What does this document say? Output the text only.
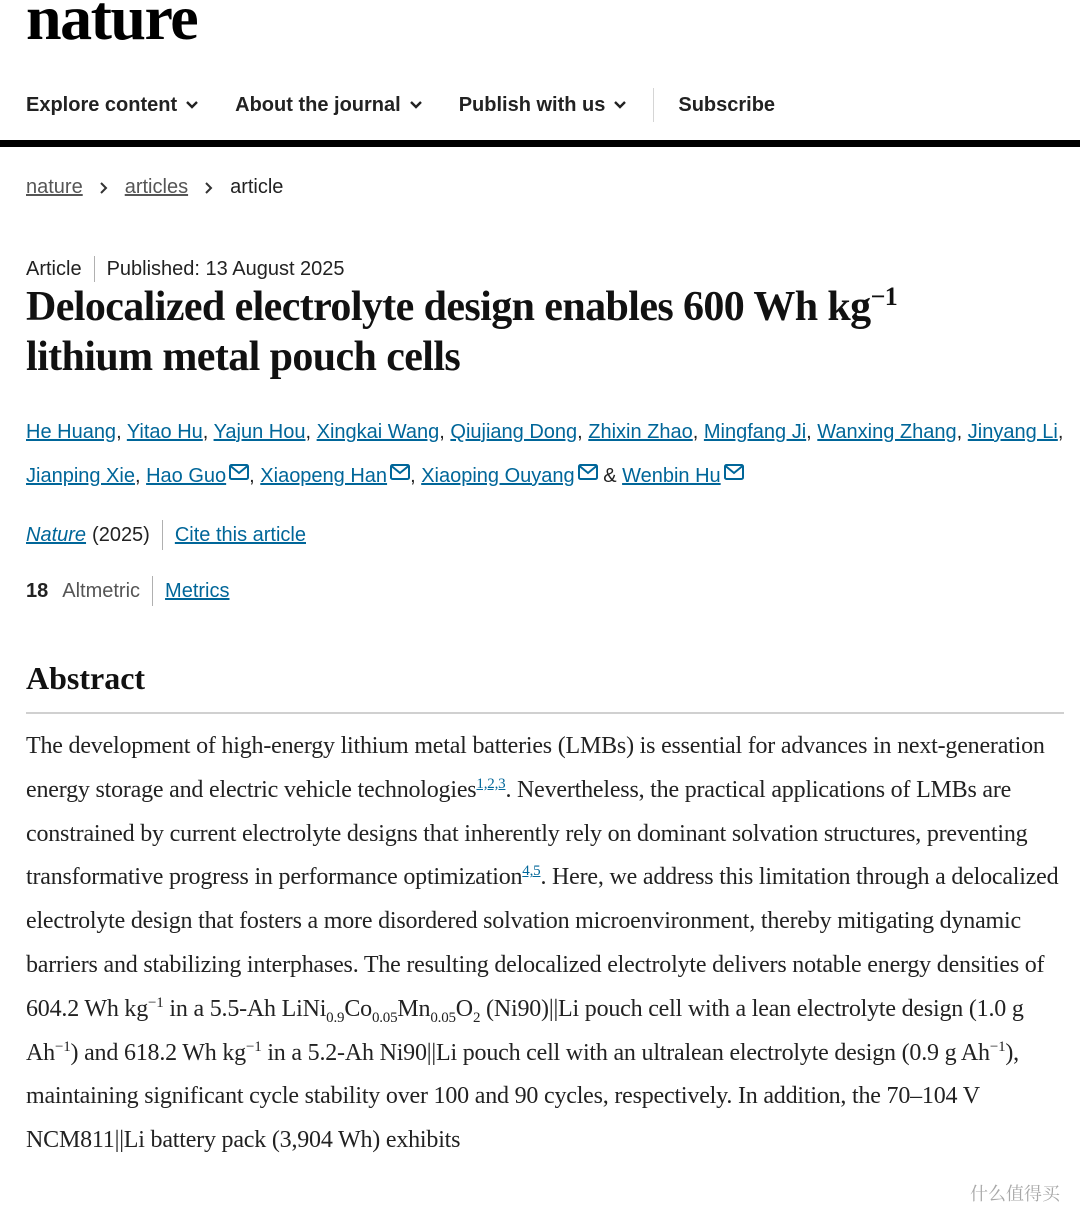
nature
Explore content	About the journal	Publish with us	Subscribe
nature articles article
Article Published: 13 August 2025
Delocalized electrolyte design enables 600 Wh $kg^{-1}$
lithium metal pouch cells
He Huang, Yitao Hu, Yajun Hou, Xingkai Wang, Qiujiang Dong, Zhixin Zhao, Mingfang Ji, Wanxing Zhang, Jinyang Li, Jianping Xie, Hao Guo , Xiaopeng Han , Xiaoping Ouyang & Wenbin Hu
Nature (2025) Cite this article
18 Altmetric Metrics
Abstract

The development of high-energy lithium metal batteries (LMBs) is essential for advances in next-generation energy storage and electric vehicle technologies$^{1,2,3}$. Nevertheless, the practical applications of LMBs are constrained by current electrolyte designs that inherently rely on dominant solvation structures, preventing transformative progress in performance optimization$^{4,5}$. Here, we address this limitation through a delocalized electrolyte design that fosters a more disordered solvation microenvironment, thereby mitigating dynamic barriers and stabilizing interphases. The resulting delocalized electrolyte delivers notable energy densities of 604.2 Wh $kg^{-1}$ in a 5.5-Ah $LiNi_{0.9}Co_{0.05}Mn_{0.05}O_2$ (Ni90)||Li pouch cell with a lean electrolyte design (1.0 g $Ah^{-1}$) and 618.2 Wh $kg^{-1}$ in a 5.2-Ah Ni90||Li pouch cell with an ultralean electrolyte design (0.9 g $Ah^{-1}$), maintaining significant cycle stability over 100 and 90 cycles, respectively. In addition, the 70–104 V NCM811||Li battery pack (3,904 Wh) exhibits

什么值得买
